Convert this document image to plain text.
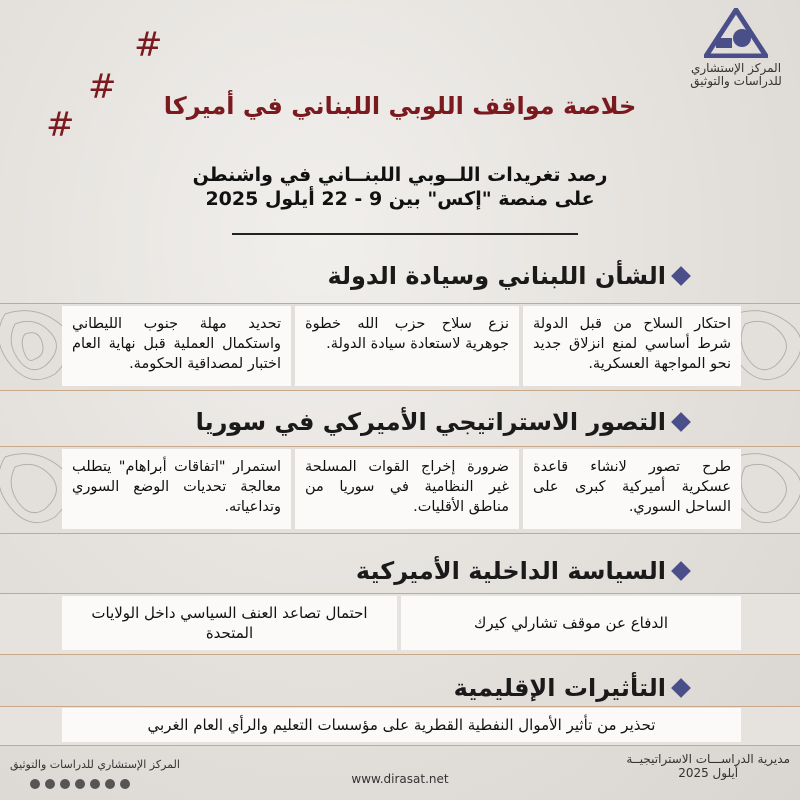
#
#
#
المركز الإستشاري
للدراسات والتوثيق
خلاصة مواقف اللوبي اللبناني في أميركا
رصد تغريدات اللــوبي اللبنــاني في واشنطن
على منصة "إكس" بين 9 - 22 أيلول 2025
الشأن اللبناني وسيادة الدولة
احتكار السلاح من قبل الدولة شرط أساسي لمنع انزلاق جديد نحو المواجهة العسكرية.
نزع سلاح حزب الله خطوة جوهرية لاستعادة سيادة الدولة.
تحديد مهلة جنوب الليطاني واستكمال العملية قبل نهاية العام اختبار لمصداقية الحكومة.
التصور الاستراتيجي الأميركي في سوريا
طرح تصور لانشاء قاعدة عسكرية أميركية كبرى على الساحل السوري.
ضرورة إخراج القوات المسلحة غير النظامية في سوريا من مناطق الأقليات.
استمرار "اتفاقات أبراهام" يتطلب معالجة تحديات الوضع السوري وتداعياته.
السياسة الداخلية الأميركية
الدفاع عن موقف تشارلي كيرك
احتمال تصاعد العنف السياسي داخل الولايات المتحدة
التأثيرات الإقليمية
تحذير من تأثير الأموال النفطية القطرية على مؤسسات التعليم والرأي العام الغربي
المركز الإستشاري للدراسات والتوثيق
www.dirasat.net
مديرية الدراســـات الاستراتيجيــة
أيلول 2025
